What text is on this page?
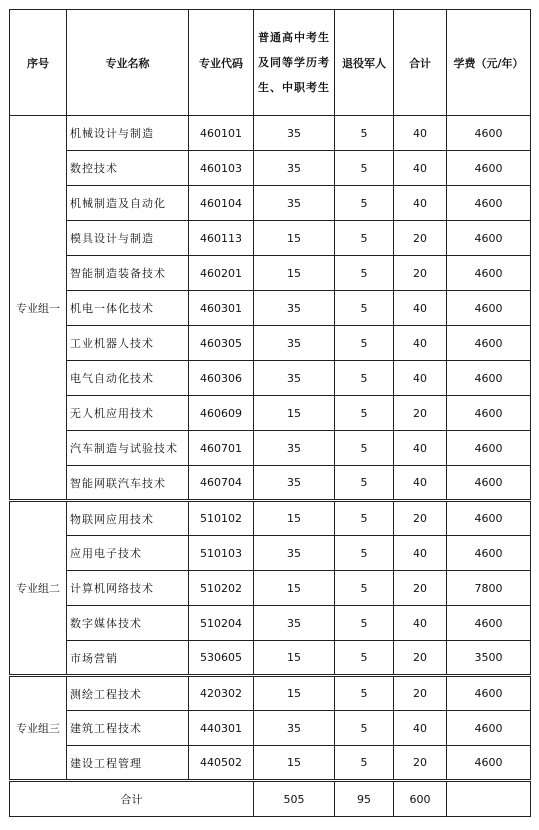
序号	专业名称	专业代码	普通高中考生及同等学历考生、中职考生	退役军人	合计	学费（元/年）
专业组一	机械设计与制造	460101	35	5	40	4600
	数控技术	460103	35	5	40	4600
	机械制造及自动化	460104	35	5	40	4600
	模具设计与制造	460113	15	5	20	4600
	智能制造装备技术	460201	15	5	20	4600
	机电一体化技术	460301	35	5	40	4600
	工业机器人技术	460305	35	5	40	4600
	电气自动化技术	460306	35	5	40	4600
	无人机应用技术	460609	15	5	20	4600
	汽车制造与试验技术	460701	35	5	40	4600
	智能网联汽车技术	460704	35	5	40	4600
专业组二	物联网应用技术	510102	15	5	20	4600
	应用电子技术	510103	35	5	40	4600
	计算机网络技术	510202	15	5	20	7800
	数字媒体技术	510204	35	5	40	4600
	市场营销	530605	15	5	20	3500
专业组三	测绘工程技术	420302	15	5	20	4600
	建筑工程技术	440301	35	5	40	4600
	建设工程管理	440502	15	5	20	4600
合计			505	95	600	
